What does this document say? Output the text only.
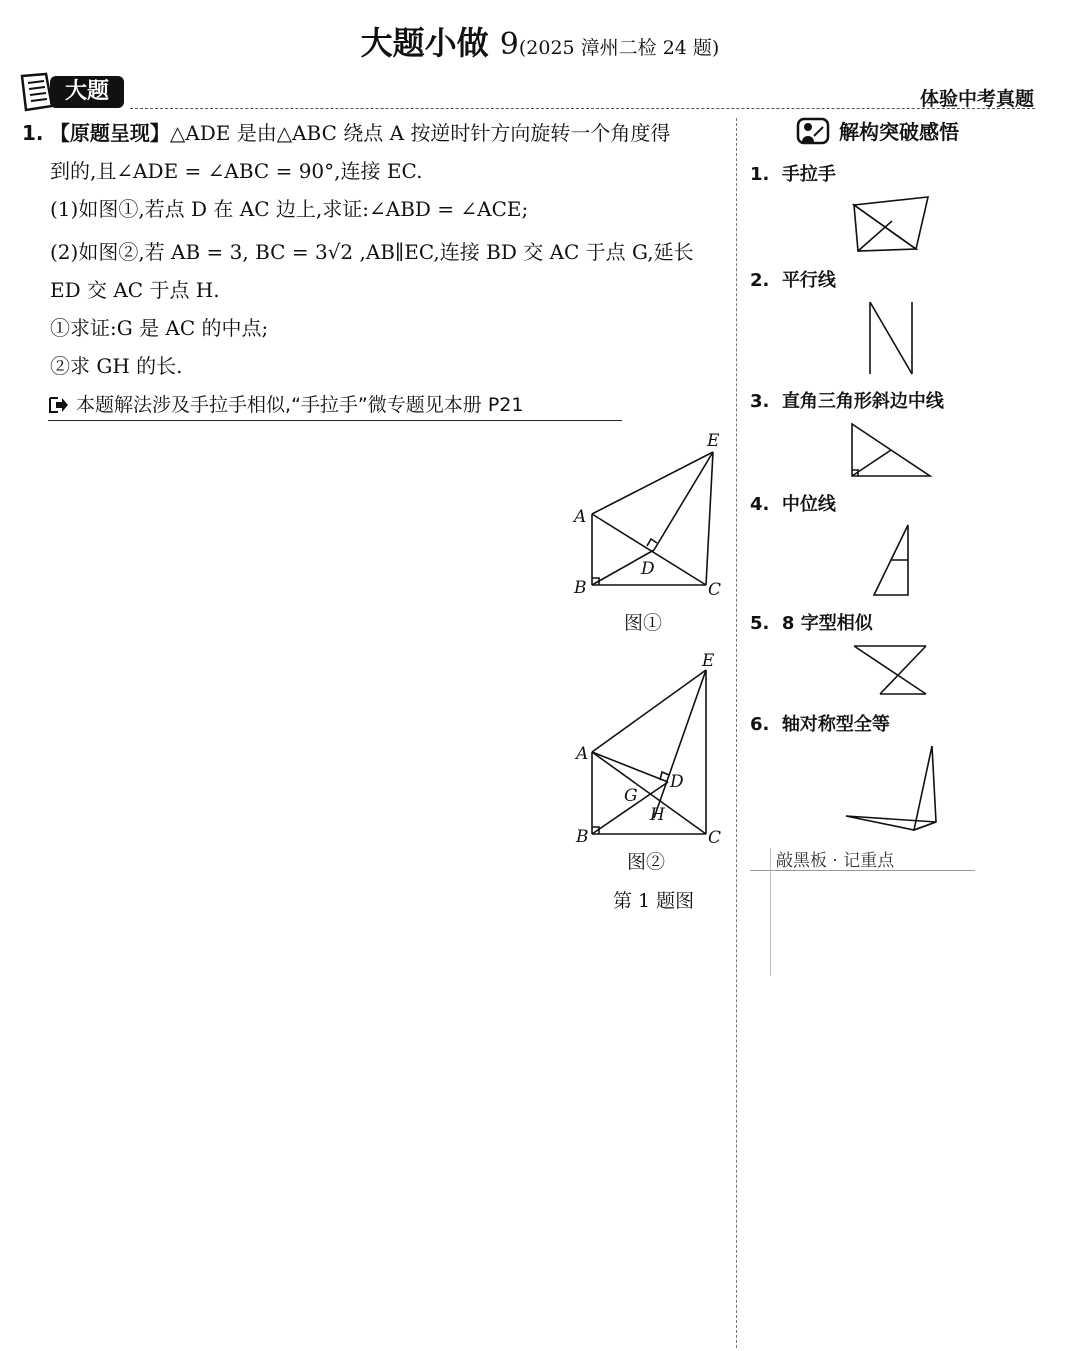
大题小做 9(2025 漳州二检 24 题)
大题	体验中考真题
1. 【原题呈现】△ADE 是由△ABC 绕点 A 按逆时针方向旋转一个角度得
到的,且∠ADE = ∠ABC = 90°,连接 EC.
(1)如图①,若点 D 在 AC 边上,求证:∠ABD = ∠ACE;
(2)如图②,若 AB = 3, BC = 3√2 ,AB∥EC,连接 BD 交 AC 于点 G,延长
ED 交 AC 于点 H.
①求证:G 是 AC 的中点;
②求 GH 的长.
本题解法涉及手拉手相似,“手拉手”微专题见本册 P21
E
A
D
B	C
图①
E
A
D
G
H
B	C
图②
第 1 题图
解构突破感悟
1. 手拉手
2. 平行线
3. 直角三角形斜边中线
4. 中位线
5. 8 字型相似
6. 轴对称型全等
敲黑板 · 记重点
